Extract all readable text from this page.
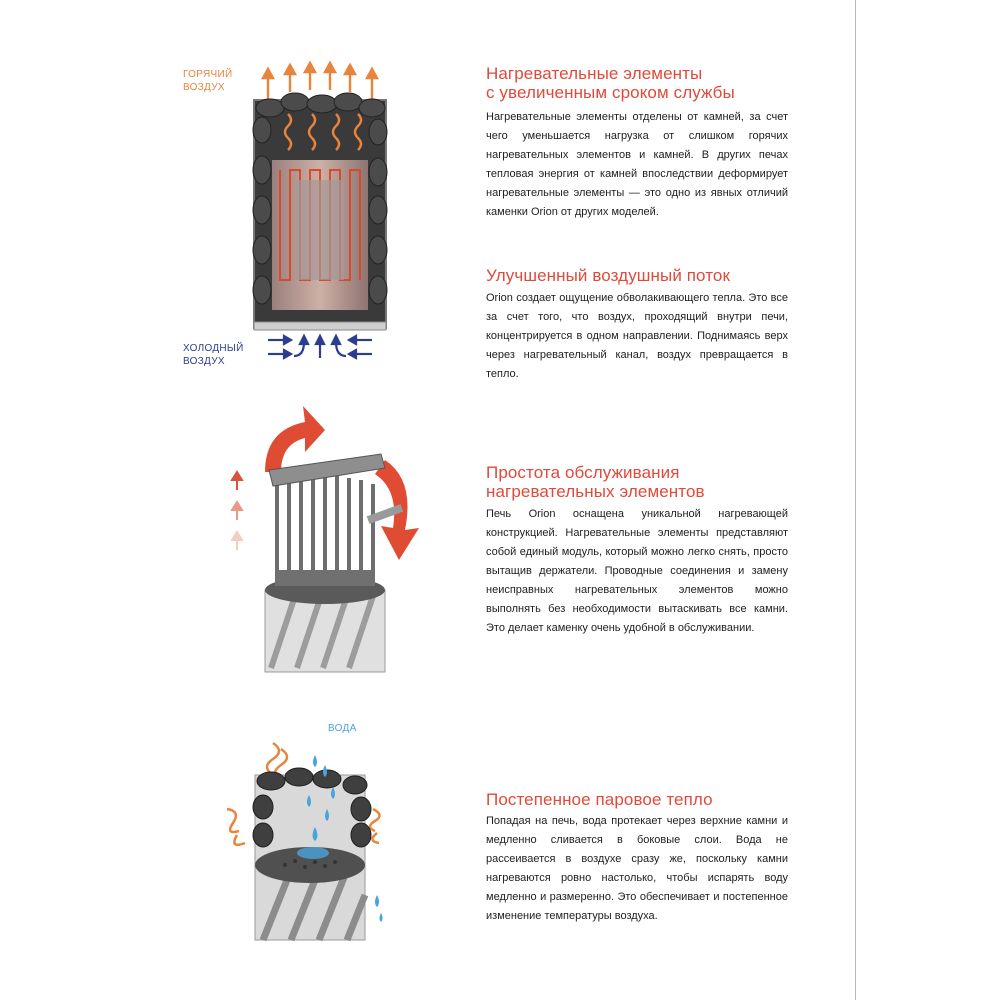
ГОРЯЧИЙ
ВОЗДУХ
ХОЛОДНЫЙ
ВОЗДУХ
ВОДА
Нагревательные элементы
с увеличенным сроком службы

Нагревательные элементы отделены от камней, за счет чего уменьшается нагрузка от слишком горячих нагревательных элементов и камней. В других печах тепловая энергия от камней впоследствии деформирует нагревательные элементы — это одно из явных отличий каменки Orion от других моделей.

Улучшенный воздушный поток

Orion создает ощущение обволакивающего тепла. Это все за счет того, что воздух, проходящий внутри печи, концентрируется в одном направлении. Поднимаясь верх через нагревательный канал, воздух превращается в тепло.

Простота обслуживания
нагревательных элементов

Печь Orion оснащена уникальной нагревающей конструкцией. Нагревательные элементы представляют собой единый модуль, который можно легко снять, просто вытащив держатели. Проводные соединения и замену неисправных нагревательных элементов можно выполнять без необходимости вытаскивать все камни. Это делает каменку очень удобной в обслуживании.

Постепенное паровое тепло

Попадая на печь, вода протекает через верхние камни и медленно сливается в боковые слои. Вода не рассеивается в воздухе сразу же, поскольку камни нагреваются ровно настолько, чтобы испарять воду медленно и размеренно. Это обеспечивает и постепенное изменение температуры воздуха.
